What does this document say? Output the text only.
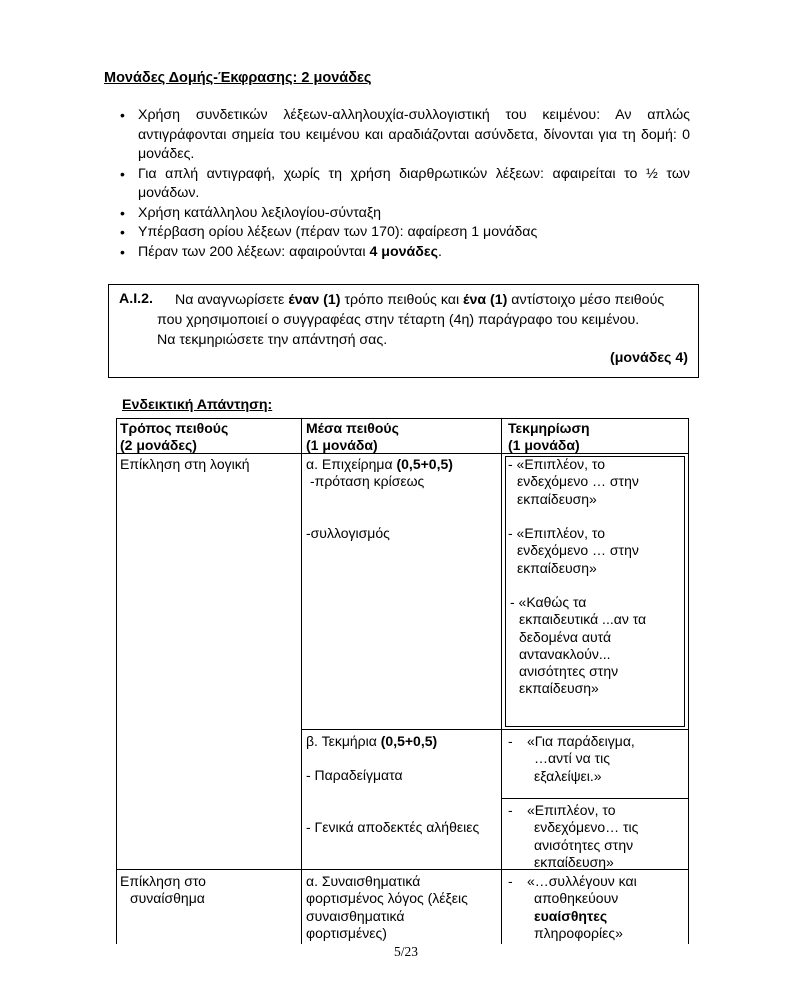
Μονάδες Δομής-Έκφρασης: 2 μονάδες
• Χρήση συνδετικών λέξεων-αλληλουχία-συλλογιστική του κειμένου: Αν απλώς αντιγράφονται σημεία του κειμένου και αραδιάζονται ασύνδετα, δίνονται για τη δομή: 0 μονάδες.
• Για απλή αντιγραφή, χωρίς τη χρήση διαρθρωτικών λέξεων: αφαιρείται το ½ των μονάδων.
• Χρήση κατάλληλου λεξιλογίου-σύνταξη
• Υπέρβαση ορίου λέξεων (πέραν των 170): αφαίρεση 1 μονάδας
• Πέραν των 200 λέξεων: αφαιρούνται 4 μονάδες.
Α.Ι.2. Να αναγνωρίσετε έναν (1) τρόπο πειθούς και ένα (1) αντίστοιχο μέσο πειθούς
που χρησιμοποιεί ο συγγραφέας στην τέταρτη (4η) παράγραφο του κειμένου.
Να τεκμηριώσετε την απάντησή σας.
(μονάδες 4)
Ενδεικτική Απάντηση:
Τρόπος πειθούς
(2 μονάδες)
Μέσα πειθούς
(1 μονάδα)
Τεκμηρίωση
(1 μονάδα)
Επίκληση στη λογική	α. Επιχείρημα (0,5+0,5)
-πρόταση κρίσεως
-συλλογισμός
- «Επιπλέον, το
ενδεχόμενο … στην
εκπαίδευση»
- «Επιπλέον, το
ενδεχόμενο … στην
εκπαίδευση»
- «Καθώς τα
εκπαιδευτικά ...αν τα
δεδομένα αυτά
αντανακλούν...
ανισότητες στην
εκπαίδευση»
β. Τεκμήρια (0,5+0,5)
- Παραδείγματα
- Γενικά αποδεκτές αλήθειες
- «Για παράδειγμα,
…αντί να τις
εξαλείψει.»
- «Επιπλέον, το
ενδεχόμενο… τις
ανισότητες στην
εκπαίδευση»
Επίκληση στο
συναίσθημα
α. Συναισθηματικά
φορτισμένος λόγος (λέξεις
συναισθηματικά
φορτισμένες)
- «…συλλέγουν και
αποθηκεύουν
ευαίσθητες
πληροφορίες»
5/23
